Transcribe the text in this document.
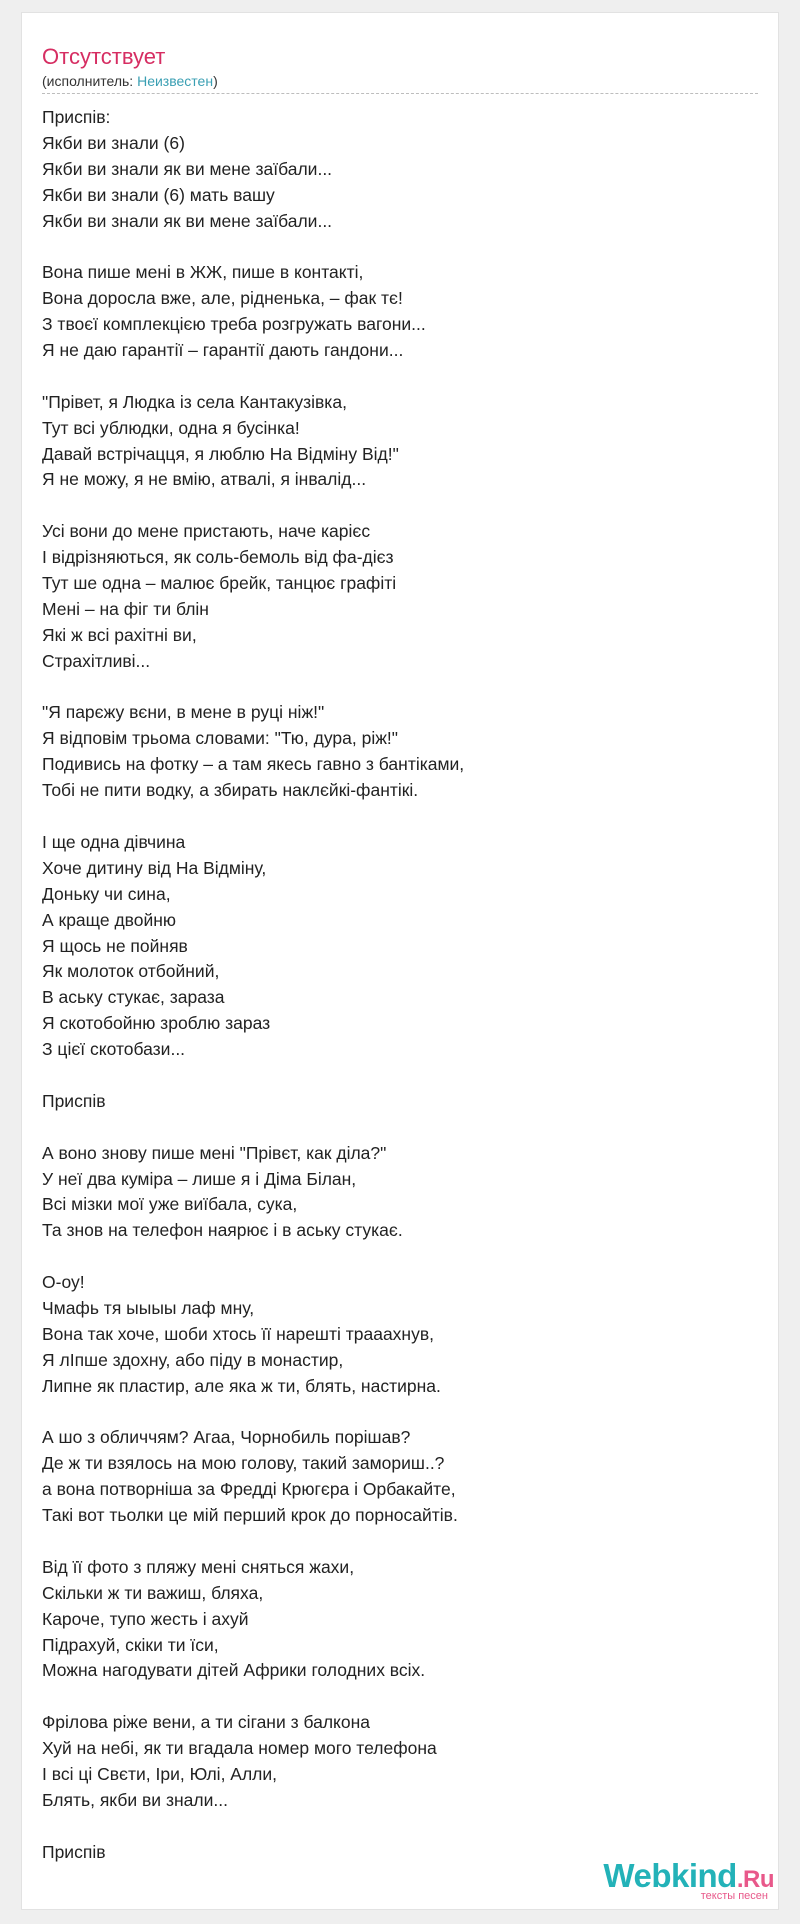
Отсутствует
(исполнитель: Неизвестен)
Приспів:
Якби ви знали (6)
Якби ви знали як ви мене заїбали...
Якби ви знали (6) мать вашу
Якби ви знали як ви мене заїбали...
Вона пише мені в ЖЖ, пише в контакті,
Вона доросла вже, але, рідненька, – фак тє!
З твоєї комплекцією треба розгружать вагони...
Я не даю гарантії – гарантії дають гандони...
"Прівет, я Людка із села Кантакузівка,
Тут всі ублюдки, одна я бусінка!
Давай встрічацця, я люблю На Відміну Від!"
Я не можу, я не вмію, атвалі, я інвалід...
Усі вони до мене пристають, наче карієс
І відрізняються, як соль-бемоль від фа-дієз
Тут ше одна – малює брейк, танцює графіті
Мені – на фіг ти блін
Які ж всі рахітні ви,
Страхітливі...
"Я парєжу вєни, в мене в руці ніж!"
Я відповім трьома словами: "Тю, дура, ріж!"
Подивись на фотку – а там якесь гавно з бантіками,
Тобі не пити водку, а збирать наклєйкі-фантікі.
І ще одна дівчина
Хоче дитину від На Відміну,
Доньку чи сина,
А краще двойню
Я щось не пойняв
Як молоток отбойний,
В аську стукає, зараза
Я скотобойню зроблю зараз
З цієї скотобази...
Приспів
А воно знову пише мені "Прівєт, как діла?"
У неї два куміра – лише я і Діма Білан,
Всі мізки мої уже виїбала, сука,
Та знов на телефон наярює і в аську стукає.
О-оу!
Чмафь тя ыыыы лаф мну,
Вона так хоче, шоби хтось її нарешті трааахнув,
Я лІпше здохну, або піду в монастир,
Липне як пластир, але яка ж ти, блять, настирна.
А шо з обличчям? Агаа, Чорнобиль порішав?
Де ж ти взялось на мою голову, такий замориш..?
а вона потворніша за Фредді Крюгєра і Орбакайте,
Такі вот тьолки це мій перший крок до порносайтів.
Від її фото з пляжу мені сняться жахи,
Скільки ж ти важиш, бляха,
Кароче, тупо жесть і ахуй
Підрахуй, скіки ти їси,
Можна нагодувати дітей Африки голодних всіх.
Фрілова ріже вени, а ти сігани з балкона
Хуй на небі, як ти вгадала номер мого телефона
І всі ці Свєти, Іри, Юлі, Алли,
Блять, якби ви знали...
Приспів
Webkind.Ru
тексты песен
